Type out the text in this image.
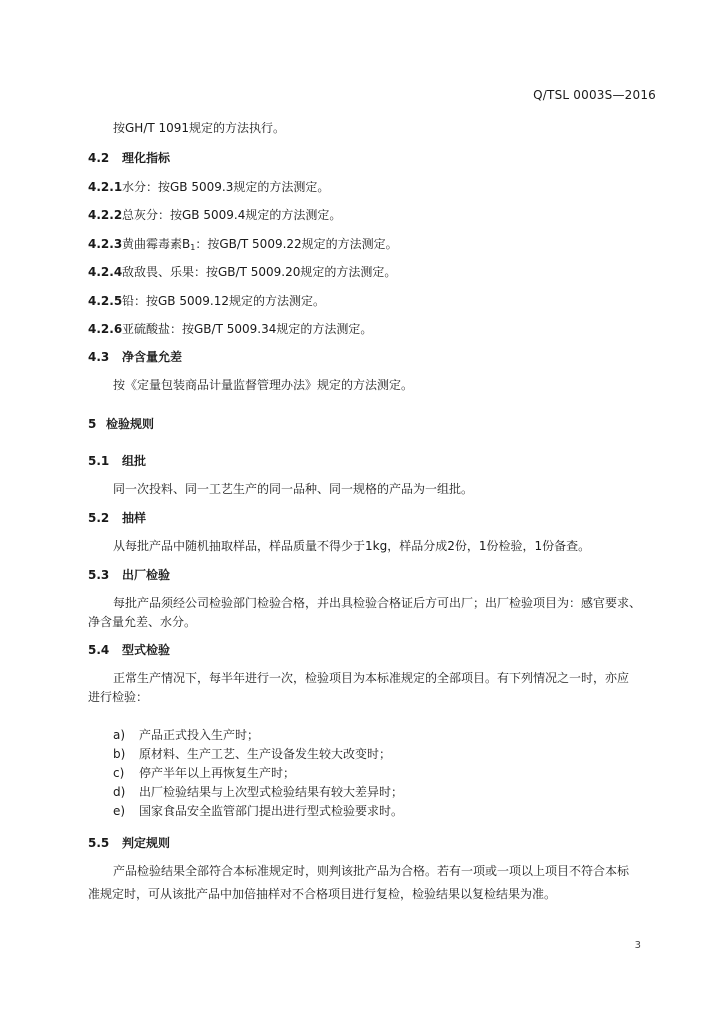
Q/TSL 0003S—2016
按GH/T 1091规定的方法执行。
4.2 理化指标
4.2.1水分：按GB 5009.3规定的方法测定。
4.2.2总灰分：按GB 5009.4规定的方法测定。
4.2.3黄曲霉毒素$B_1$：按GB/T 5009.22规定的方法测定。
4.2.4敌敌畏、乐果：按GB/T 5009.20规定的方法测定。
4.2.5铅：按GB 5009.12规定的方法测定。
4.2.6亚硫酸盐：按GB/T 5009.34规定的方法测定。
4.3 净含量允差
按《定量包装商品计量监督管理办法》规定的方法测定。
5 检验规则
5.1 组批
同一次投料、同一工艺生产的同一品种、同一规格的产品为一组批。
5.2 抽样
从每批产品中随机抽取样品，样品质量不得少于1kg，样品分成2份，1份检验，1份备查。
5.3 出厂检验
每批产品须经公司检验部门检验合格，并出具检验合格证后方可出厂；出厂检验项目为：感官要求、
净含量允差、水分。
5.4 型式检验
正常生产情况下，每半年进行一次，检验项目为本标准规定的全部项目。有下列情况之一时，亦应
进行检验：
a) 产品正式投入生产时；
b) 原材料、生产工艺、生产设备发生较大改变时；
c) 停产半年以上再恢复生产时；
d) 出厂检验结果与上次型式检验结果有较大差异时；
e) 国家食品安全监管部门提出进行型式检验要求时。
5.5 判定规则
产品检验结果全部符合本标准规定时，则判该批产品为合格。若有一项或一项以上项目不符合本标
准规定时，可从该批产品中加倍抽样对不合格项目进行复检，检验结果以复检结果为准。
3
